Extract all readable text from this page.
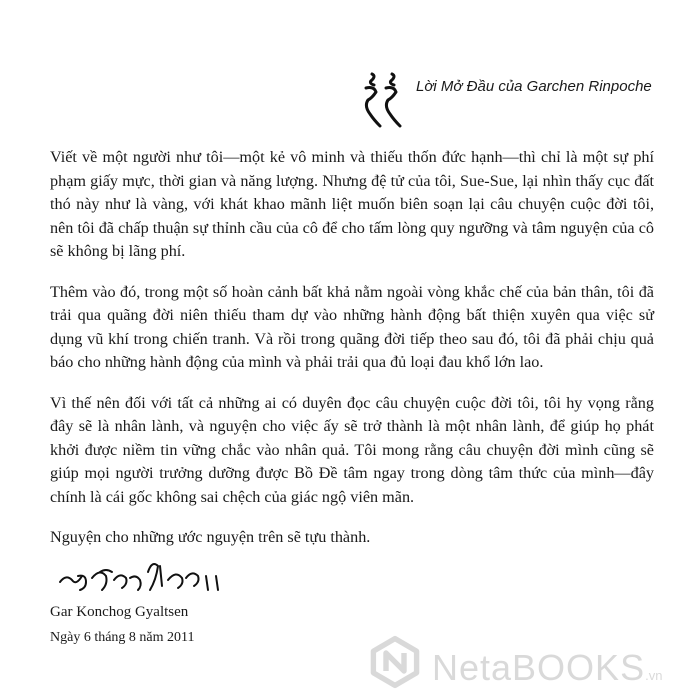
Lời Mở Đầu của Garchen Rinpoche

Viết về một người như tôi—một kẻ vô minh và thiếu thốn đức hạnh—thì chỉ là một sự phí phạm giấy mực, thời gian và năng lượng. Nhưng đệ tử của tôi, Sue-Sue, lại nhìn thấy cục đất thó này như là vàng, với khát khao mãnh liệt muốn biên soạn lại câu chuyện cuộc đời tôi, nên tôi đã chấp thuận sự thỉnh cầu của cô để cho tấm lòng quy ngưỡng và tâm nguyện của cô sẽ không bị lãng phí.

Thêm vào đó, trong một số hoàn cảnh bất khả nằm ngoài vòng khắc chế của bản thân, tôi đã trải qua quãng đời niên thiếu tham dự vào những hành động bất thiện xuyên qua việc sử dụng vũ khí trong chiến tranh. Và rồi trong quãng đời tiếp theo sau đó, tôi đã phải chịu quả báo cho những hành động của mình và phải trải qua đủ loại đau khổ lớn lao.

Vì thế nên đối với tất cả những ai có duyên đọc câu chuyện cuộc đời tôi, tôi hy vọng rằng đây sẽ là nhân lành, và nguyện cho việc ấy sẽ trở thành là một nhân lành, để giúp họ phát khởi được niềm tin vững chắc vào nhân quả. Tôi mong rằng câu chuyện đời mình cũng sẽ giúp mọi người trưởng dưỡng được Bồ Đề tâm ngay trong dòng tâm thức của mình—đây chính là cái gốc không sai chệch của giác ngộ viên mãn.

Nguyện cho những ước nguyện trên sẽ tựu thành.

Gar Konchog Gyaltsen
Ngày 6 tháng 8 năm 2011
NetaBOOKS.vn
